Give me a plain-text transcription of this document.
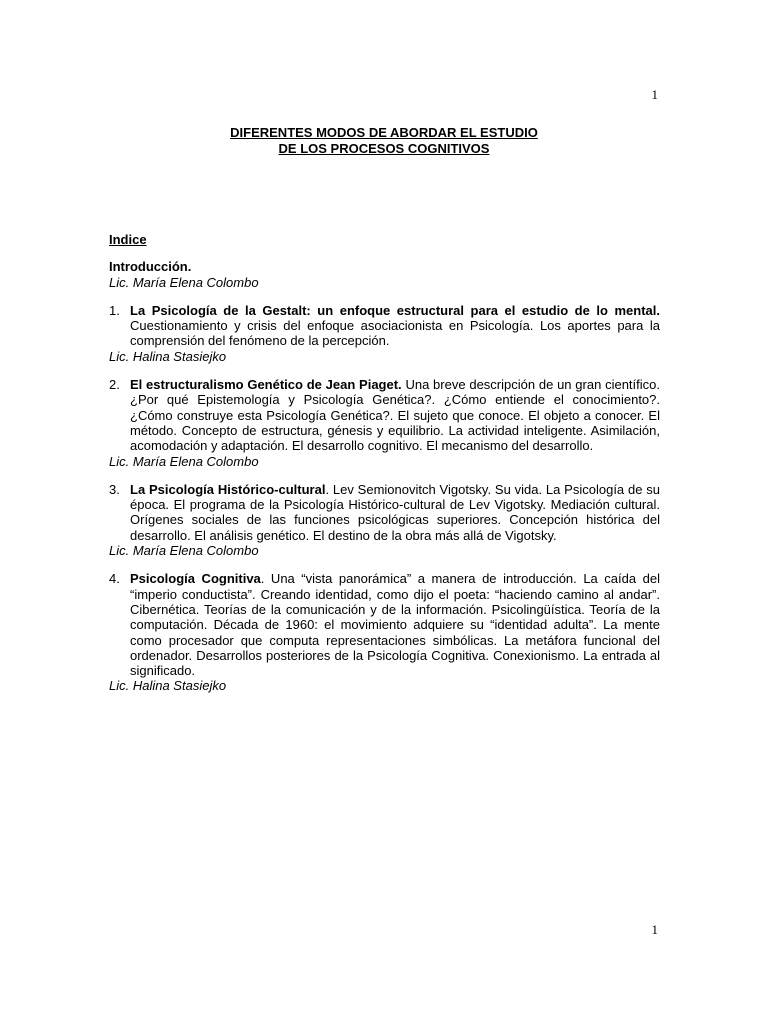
1
DIFERENTES MODOS DE ABORDAR EL ESTUDIO
DE LOS PROCESOS COGNITIVOS
Indice
Introducción.
Lic. María Elena Colombo
1. La Psicología de la Gestalt: un enfoque estructural para el estudio de lo mental. Cuestionamiento y crisis del enfoque asociacionista en Psicología. Los aportes para la comprensión del fenómeno de la percepción.
Lic. Halina Stasiejko
2. El estructuralismo Genético de Jean Piaget. Una breve descripción de un gran científico. ¿Por qué Epistemología y Psicología Genética?. ¿Cómo entiende el conocimiento?. ¿Cómo construye esta Psicología Genética?. El sujeto que conoce. El objeto a conocer. El método. Concepto de estructura, génesis y equilibrio. La actividad inteligente. Asimilación, acomodación y adaptación. El desarrollo cognitivo. El mecanismo del desarrollo.
Lic. María Elena Colombo
3. La Psicología Histórico-cultural. Lev Semionovitch Vigotsky. Su vida. La Psicología de su época. El programa de la Psicología Histórico-cultural de Lev Vigotsky. Mediación cultural. Orígenes sociales de las funciones psicológicas superiores. Concepción histórica del desarrollo. El análisis genético. El destino de la obra más allá de Vigotsky.
Lic. María Elena Colombo
4. Psicología Cognitiva. Una “vista panorámica” a manera de introducción. La caída del “imperio conductista”. Creando identidad, como dijo el poeta: “haciendo camino al andar”. Cibernética. Teorías de la comunicación y de la información. Psicolingüística. Teoría de la computación. Década de 1960: el movimiento adquiere su “identidad adulta”. La mente como procesador que computa representaciones simbólicas. La metáfora funcional del ordenador. Desarrollos posteriores de la Psicología Cognitiva. Conexionismo. La entrada al significado.
Lic. Halina Stasiejko
1
